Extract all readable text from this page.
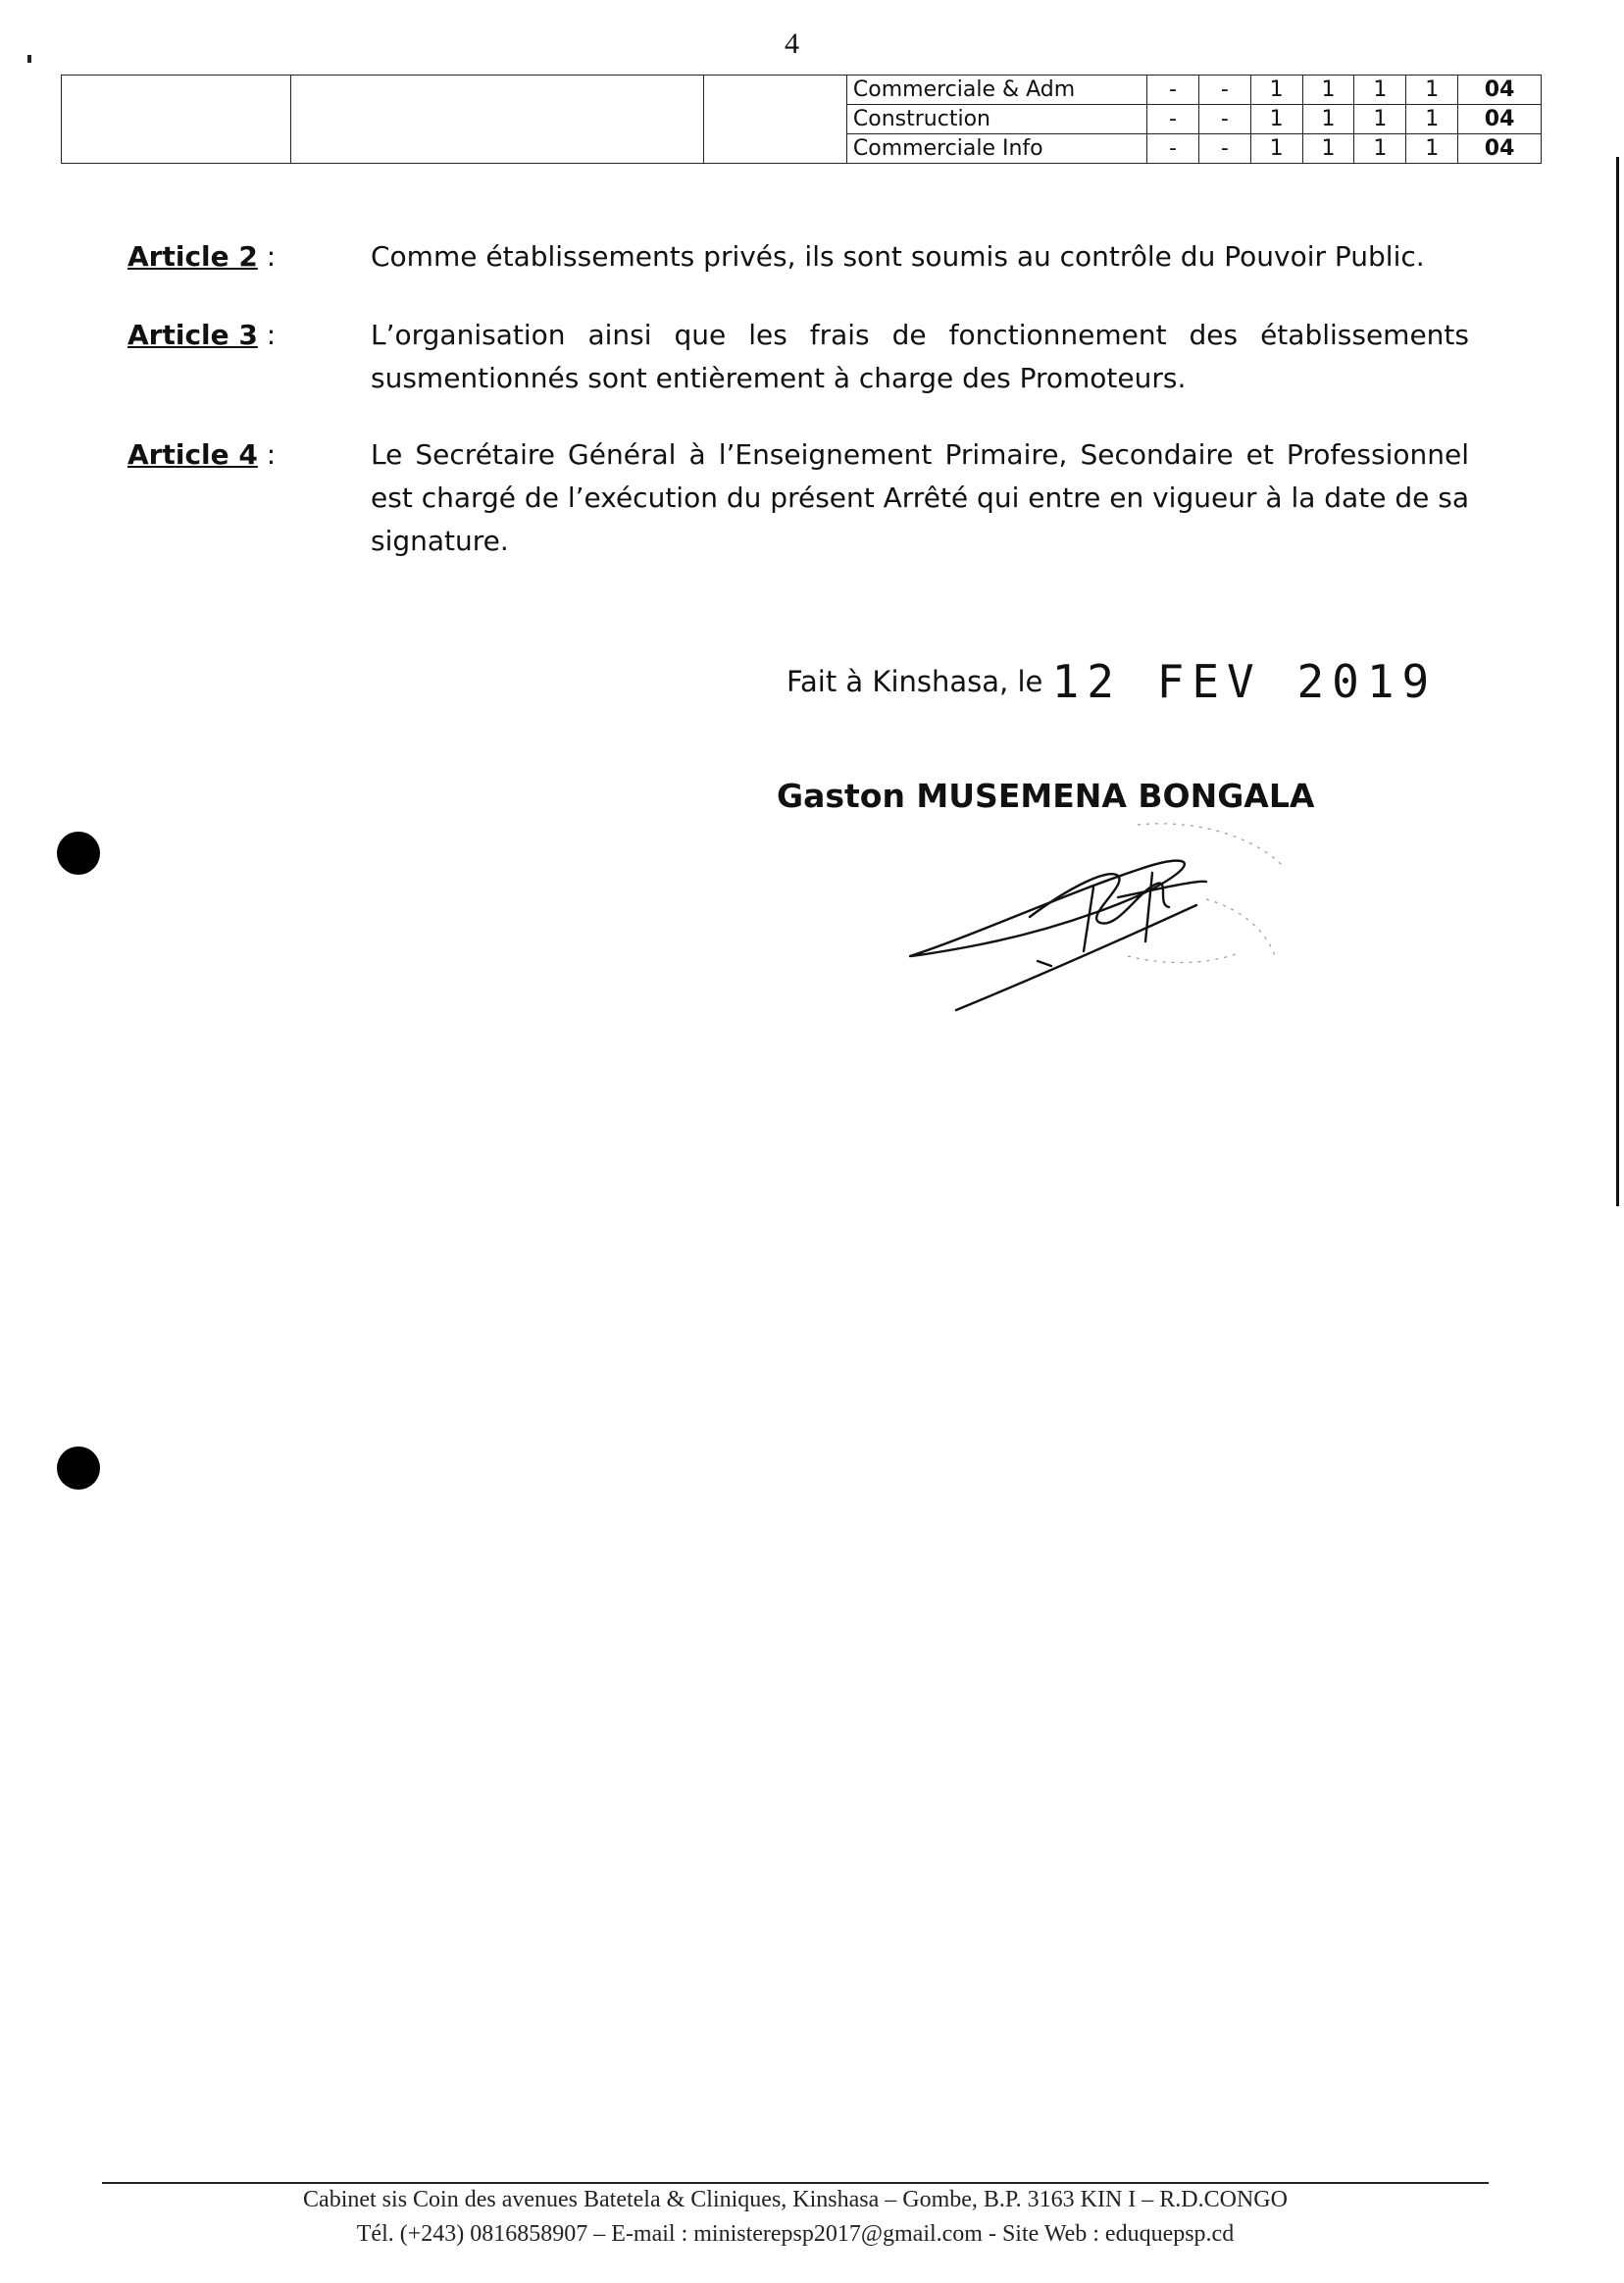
4
			Commerciale & Adm	-	-	1	1	1	1	04
			Construction	-	-	1	1	1	1	04
			Commerciale Info	-	-	1	1	1	1	04
Article 2 :	Comme établissements privés, ils sont soumis au contrôle du Pouvoir Public.
Article 3 :	L’organisation ainsi que les frais de fonctionnement des établissements susmentionnés sont entièrement à charge des Promoteurs.
Article 4 :	Le Secrétaire Général à l’Enseignement Primaire, Secondaire et Professionnel est chargé de l’exécution du présent Arrêté qui entre en vigueur à la date de sa signature.
Fait à Kinshasa, le 12 FEV 2019
Gaston MUSEMENA BONGALA
Cabinet sis Coin des avenues Batetela & Cliniques, Kinshasa – Gombe, B.P. 3163 KIN I – R.D.CONGO
Tél. (+243) 0816858907 – E-mail : ministerepsp2017@gmail.com - Site Web : eduquepsp.cd
